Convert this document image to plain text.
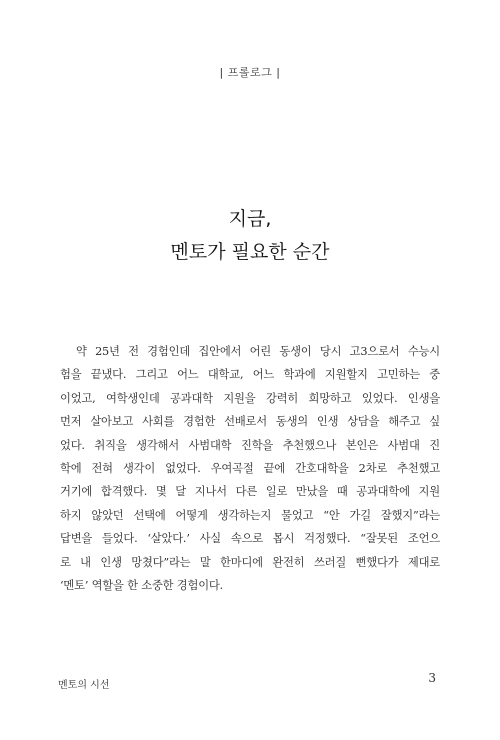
| 프롤로그 |
지금,
멘토가 필요한 순간
약 25년 전 경험인데 집안에서 어린 동생이 당시 고3으로서 수능시
험을 끝냈다. 그리고 어느 대학교, 어느 학과에 지원할지 고민하는 중
이었고, 여학생인데 공과대학 지원을 강력히 희망하고 있었다. 인생을
먼저 살아보고 사회를 경험한 선배로서 동생의 인생 상담을 해주고 싶
었다. 취직을 생각해서 사범대학 진학을 추천했으나 본인은 사범대 진
학에 전혀 생각이 없었다. 우여곡절 끝에 간호대학을 2차로 추천했고
거기에 합격했다. 몇 달 지나서 다른 일로 만났을 때 공과대학에 지원
하지 않았던 선택에 어떻게 생각하는지 물었고 “안 가길 잘했지”라는
답변을 들었다. ‘살았다.’ 사실 속으로 몹시 걱정했다. “잘못된 조언으
로 내 인생 망쳤다”라는 말 한마디에 완전히 쓰러질 뻔했다가 제대로
‘멘토’ 역할을 한 소중한 경험이다.
멘토의 시선
3
